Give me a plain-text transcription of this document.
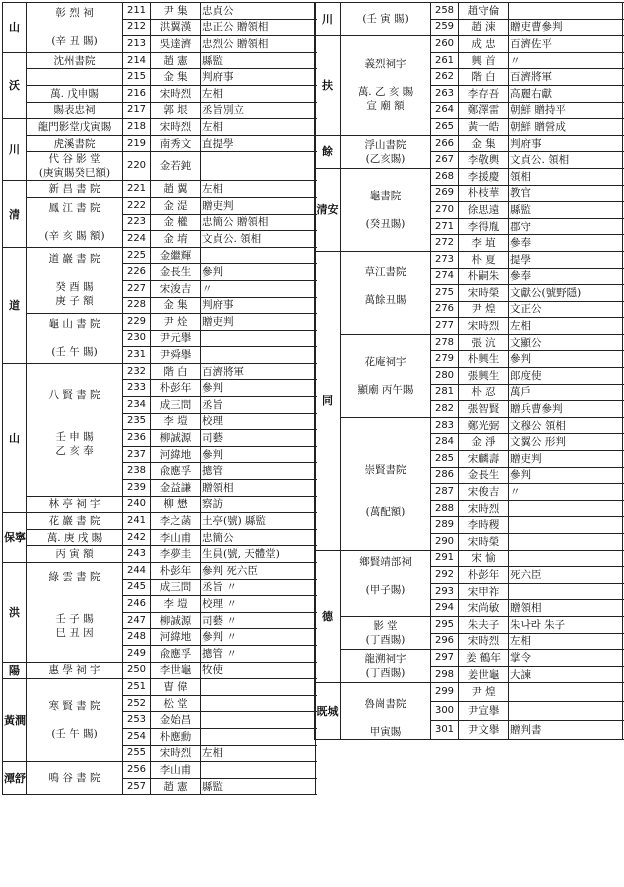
山	彰 烈 祠
(辛 丑 賜)	211	尹 集	忠貞公
		212	洪翼漢	忠正公 贈領相
		213	吳達濟	忠烈公 贈領相

沃	沈州書院	214	趙 憲	縣監

		215	金 集	判府事

	萬. 戊申賜	216	宋時烈	左相

	賜表忠祠	217	郭 垠	丞旨別立

川	龍門影堂戊寅賜	218	宋時烈	左相

	虎溪書院	219	南秀文	直提學

	代 谷 影 堂
(庚寅賜癸巳額)	220	金若鈍	

清	新 昌 書 院	221	趙 翼	左相

	鳳 江 書 院
(辛 亥 賜 額)	222	金 湜	贈吏判
		223	金 權	忠簡公 贈領相
		224	金 堉	文貞公. 領相

道	道 巖 書 院
癸 酉 賜
庚 子 額	225	金繼輝	
		226	金長生	參判
		227	宋浚吉	〃
		228	金 集	判府事

	龜 山 書 院
(壬 午 賜)	229	尹 烇	贈吏判
		230	尹元擧	
		231	尹舜擧	

山	八 賢 書 院
壬 申 賜
乙 亥 奉	232	階 白	百濟將軍
		233	朴彭年	參判
		234	成三問	丞旨
		235	李 塏	校理
		236	柳誠源	司藝
		237	河緯地	參判
		238	兪應孚	摠管
		239	金益謙	贈領相

	林 亭 祠 宇	240	柳 懋	察訪

保寧	花 巖 書 院	241	李之菡	土亭(號) 縣監

	萬. 庚 戌 賜	242	李山甫	忠簡公

	丙 寅 額	243	李夢圭	生員(號, 天體堂)

洪	綠 雲 書 院
壬 子 賜
巳 丑 因	244	朴彭年	參判 死六臣
		245	成三問	丞旨 〃
		246	李 塏	校理 〃
		247	柳誠源	司藝 〃
		248	河緯地	參判 〃
		249	兪應孚	摠管 〃

陽	惠 學 祠 宇	250	李世龜	牧使

黃澗	寒 賢 書 院
(壬 午 賜)	251	曺 偉	
		252	松 堂	
		253	金始昌	
		254	朴應勳	
		255	宋時烈	左相

潭舒	鳴 谷 書 院	256	李山甫	
		257	趙 憲	縣監
川	(壬 寅 賜)	258	趙守倫	
		259	趙 涑	贈吏曹參判

扶	義烈祠宇
萬. 乙 亥 賜
宣 廟 額	260	成 忠	百濟佐平
		261	興 首	〃
		262	階 白	百濟將軍
		263	李存吾	高麗右獻
		264	鄭澤雷	朝鮮 贈持平
		265	黃一皓	朝鮮 贈營成

餘	浮山書院
(乙亥賜)	266	金 集	判府事
		267	李敬輿	文貞公. 領相

清安	龜書院
(癸丑賜)	268	李援慶	領相
		269	朴枝華	教官
		270	徐思遠	縣監
		271	李得胤	郡守
		272	李 埴	參奉

同	草江書院
萬餘丑賜	273	朴 夏	提學
		274	朴嗣朱	參奉
		275	宋時榮	文獻公(號野隱)
		276	尹 煌	文正公
		277	宋時烈	左相

	花庵祠宇
顯廟 丙午賜	278	張 沆	文顯公
		279	朴興生	參判
		280	張興生	郎度使
		281	朴 忍	萬戶
		282	張智賢	贈兵曹參判

	崇賢書院
(萬配額)	283	鄭光弼	文穆公 領相
		284	金 淨	文翼公 形判
		285	宋麟壽	贈吏判
		286	金長生	參判
		287	宋俊吉	〃
		288	宋時烈	
		289	李時稷	
		290	宋時榮	

德	鄉賢靖部祠
(甲子賜)	291	宋 愉	
		292	朴彭年	死六臣
		293	宋甲祚	
		294	宋尚敏	贈領相

	影 堂
(丁酉賜)	295	朱夫子	朱나라 朱子
		296	宋時烈	左相

	龍溯祠宇
(丁酉賜)	297	姜 鶴年	掌令
		298	姜世龜	大諫

既城	魯崗書院
甲寅賜	299	尹 煌	
		300	尹宣擧	
		301	尹文擧	贈判書
